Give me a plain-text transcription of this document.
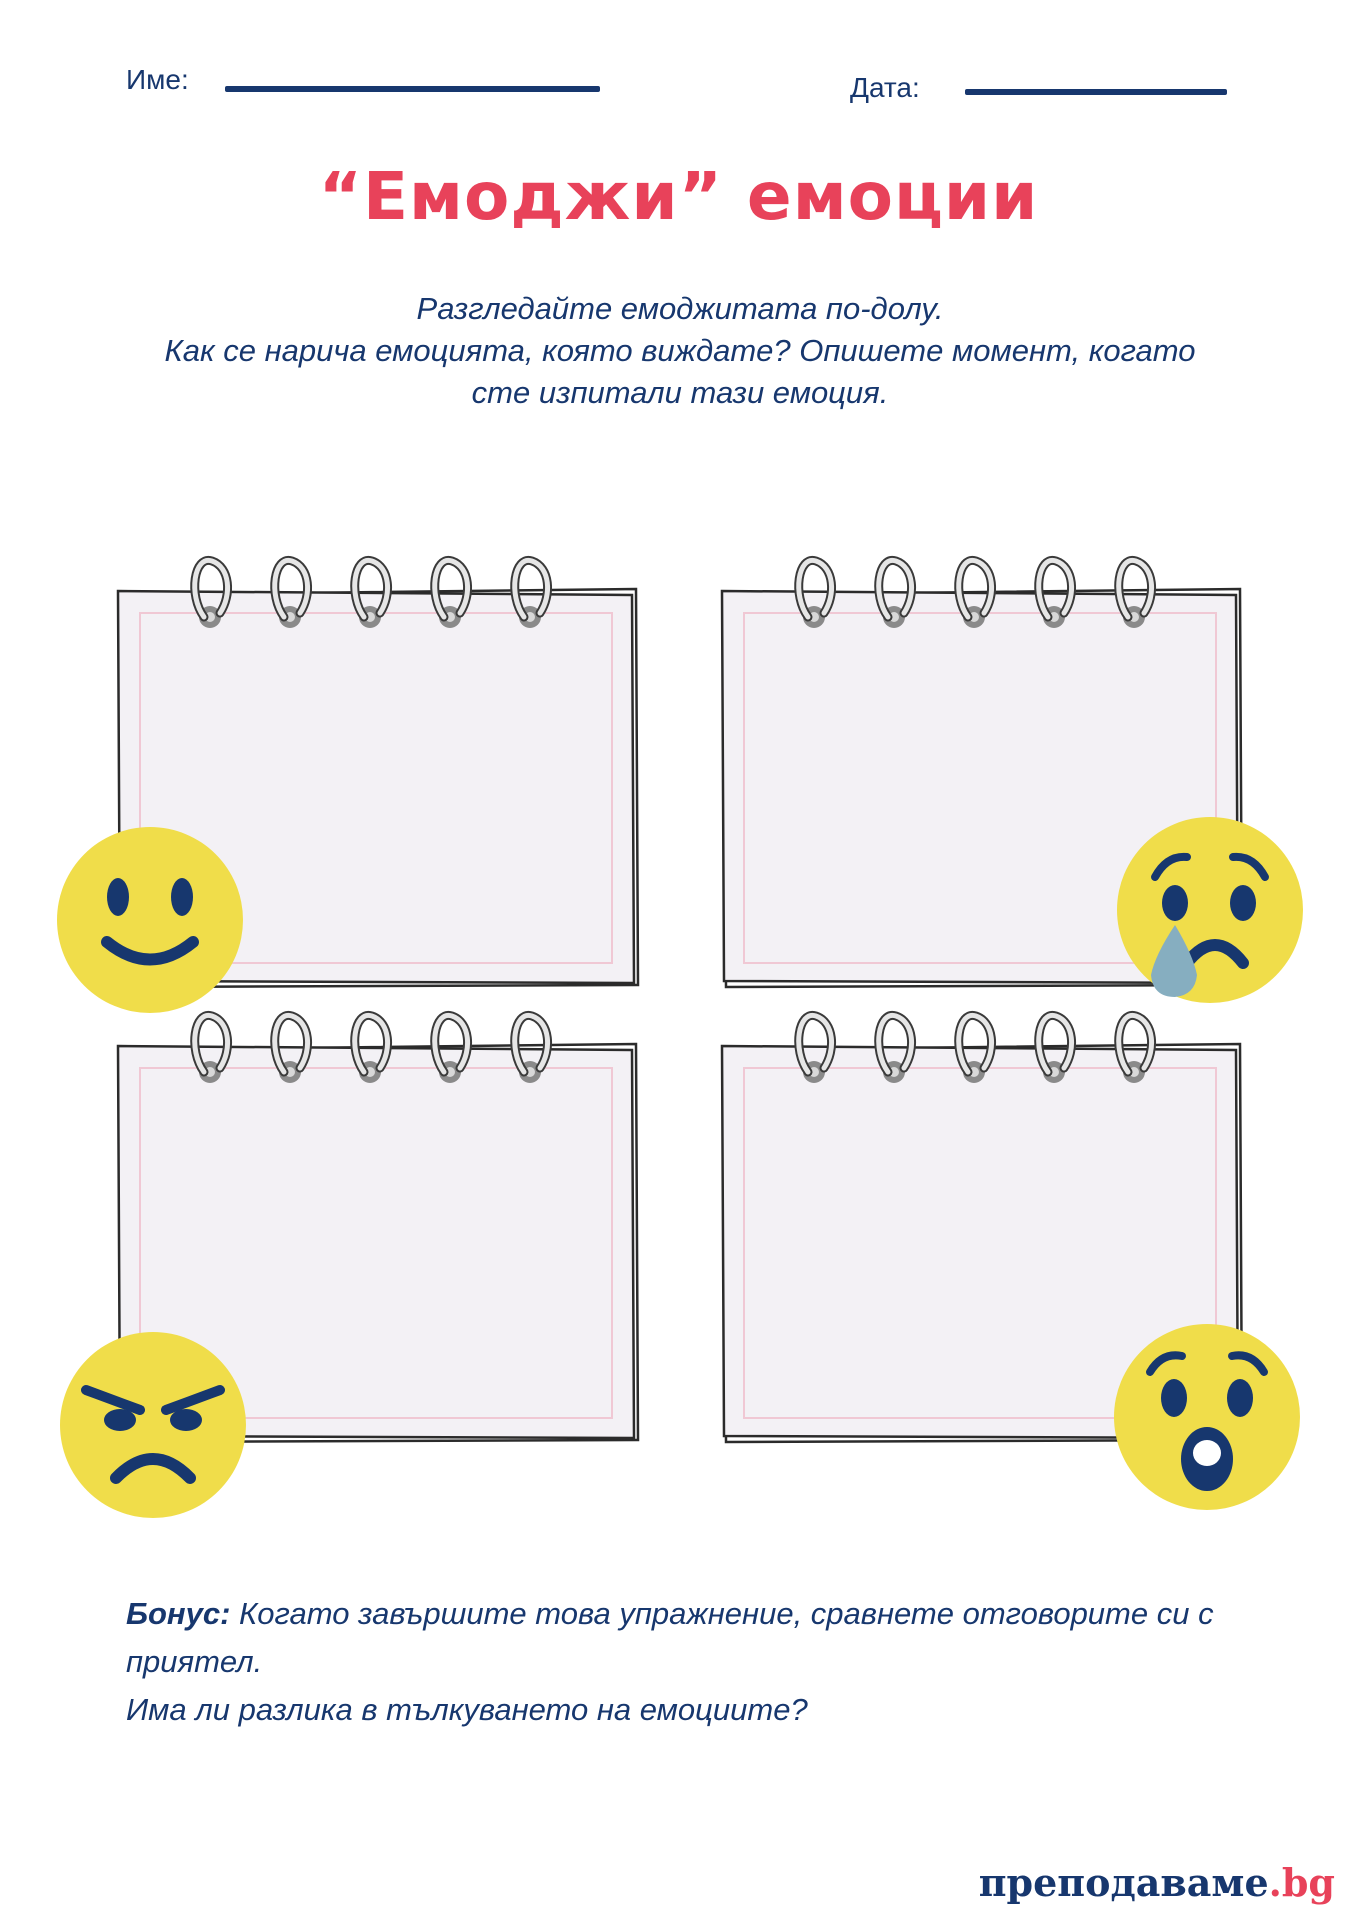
Име:	Дата:
“Емоджи” емоции
Разгледайте емоджитата по-долу.
Как се нарича емоцията, която виждате? Опишете момент, когато
сте изпитали тази емоция.
Бонус: Когато завършите това упражнение, сравнете отговорите си с приятел.
Има ли разлика в тълкуването на емоциите?
преподаваме.bg
